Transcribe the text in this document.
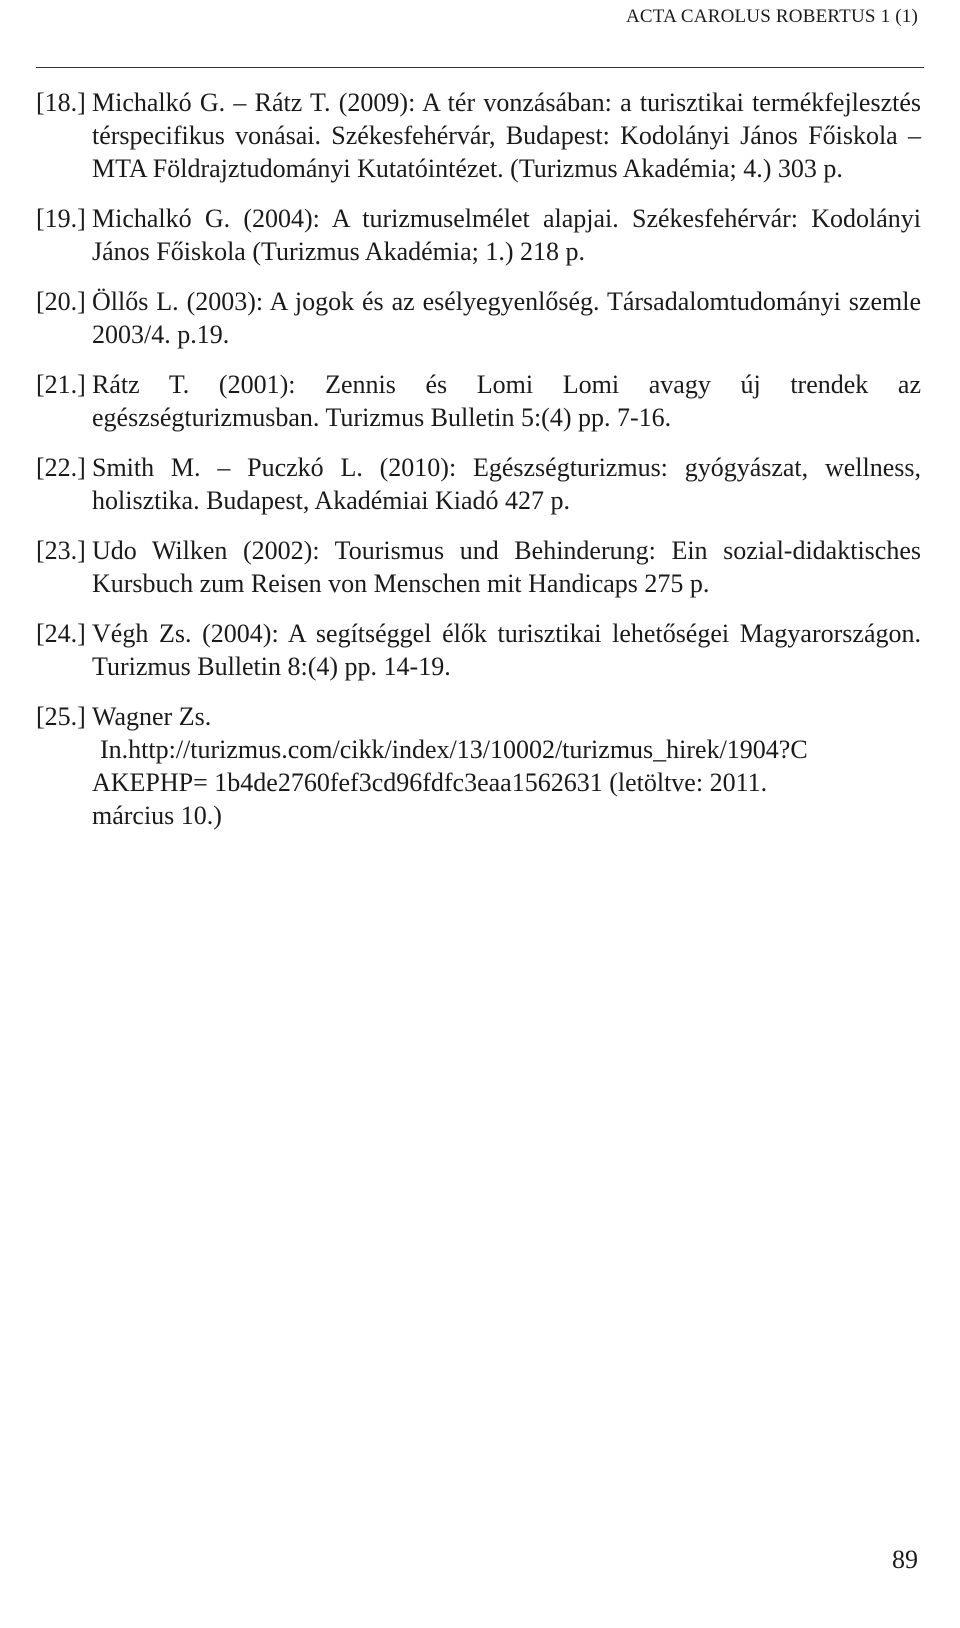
ACTA CAROLUS ROBERTUS 1 (1)
[18.] Michalkó G. – Rátz T. (2009): A tér vonzásában: a turisztikai termékfejlesztés térspecifikus vonásai. Székesfehérvár, Budapest: Kodolányi János Főiskola – MTA Földrajztudományi Kutatóintézet. (Turizmus Akadémia; 4.) 303 p.
[19.] Michalkó G. (2004): A turizmuselmélet alapjai. Székesfehérvár: Kodolányi János Főiskola (Turizmus Akadémia; 1.) 218 p.
[20.] Öllős L. (2003): A jogok és az esélyegyenlőség. Társadalomtudományi szemle 2003/4. p.19.
[21.] Rátz T. (2001): Zennis és Lomi Lomi avagy új trendek az egészségturizmusban. Turizmus Bulletin 5:(4) pp. 7-16.
[22.] Smith M. – Puczkó L. (2010): Egészségturizmus: gyógyászat, wellness, holisztika. Budapest, Akadémiai Kiadó 427 p.
[23.] Udo Wilken (2002): Tourismus und Behinderung: Ein sozial-didaktisches Kursbuch zum Reisen von Menschen mit Handicaps 275 p.
[24.] Végh Zs. (2004): A segítséggel élők turisztikai lehetőségei Magyarországon. Turizmus Bulletin 8:(4) pp. 14-19.
[25.] Wagner Zs.
In.http://turizmus.com/cikk/index/13/10002/turizmus_hirek/1904?C
AKEPHP= 1b4de2760fef3cd96fdfc3eaa1562631 (letöltve: 2011.
március 10.)
89
